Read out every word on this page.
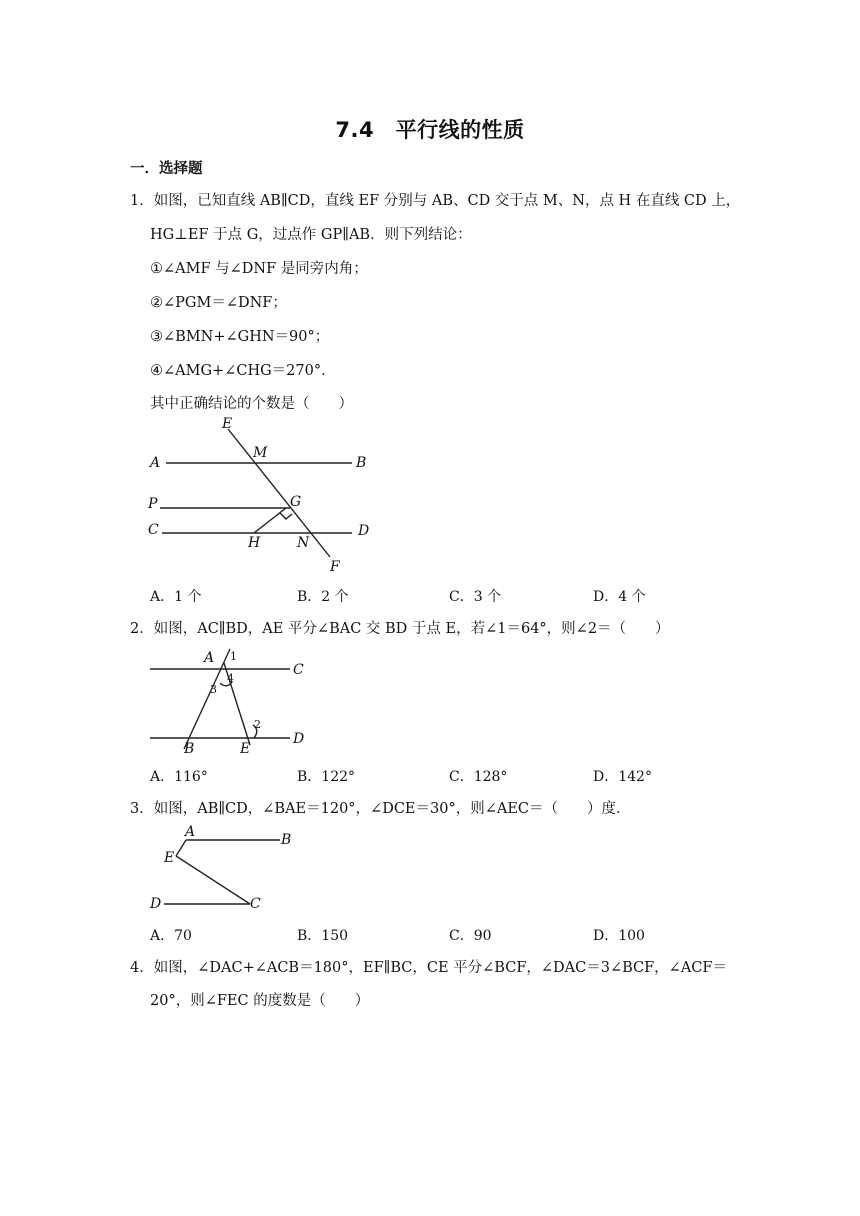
7.4　平行线的性质
一．选择题
1．如图，已知直线 AB∥CD，直线 EF 分别与 AB、CD 交于点 M、N，点 H 在直线 CD 上，
HG⊥EF 于点 G，过点作 GP∥AB．则下列结论：
①∠AMF 与∠DNF 是同旁内角；
②∠PGM＝∠DNF；
③∠BMN+∠GHN＝90°；
④∠AMG+∠CHG＝270°．
其中正确结论的个数是（　　）
E
M
A	B
P	G
C	D
H	N
F
A．1 个	B．2 个	C．3 个	D．4 个
2．如图，AC∥BD，AE 平分∠BAC 交 BD 于点 E，若∠1＝64°，则∠2＝（　　）
A
C
B	E
D
1
4
3
2
A．116°	B．122°	C．128°	D．142°
3．如图，AB∥CD，∠BAE＝120°，∠DCE＝30°，则∠AEC＝（　　）度．
A	B
E
D	C
A．70	B．150	C．90	D．100
4．如图，∠DAC+∠ACB＝180°，EF∥BC，CE 平分∠BCF，∠DAC＝3∠BCF，∠ACF＝
20°，则∠FEC 的度数是（　　）
